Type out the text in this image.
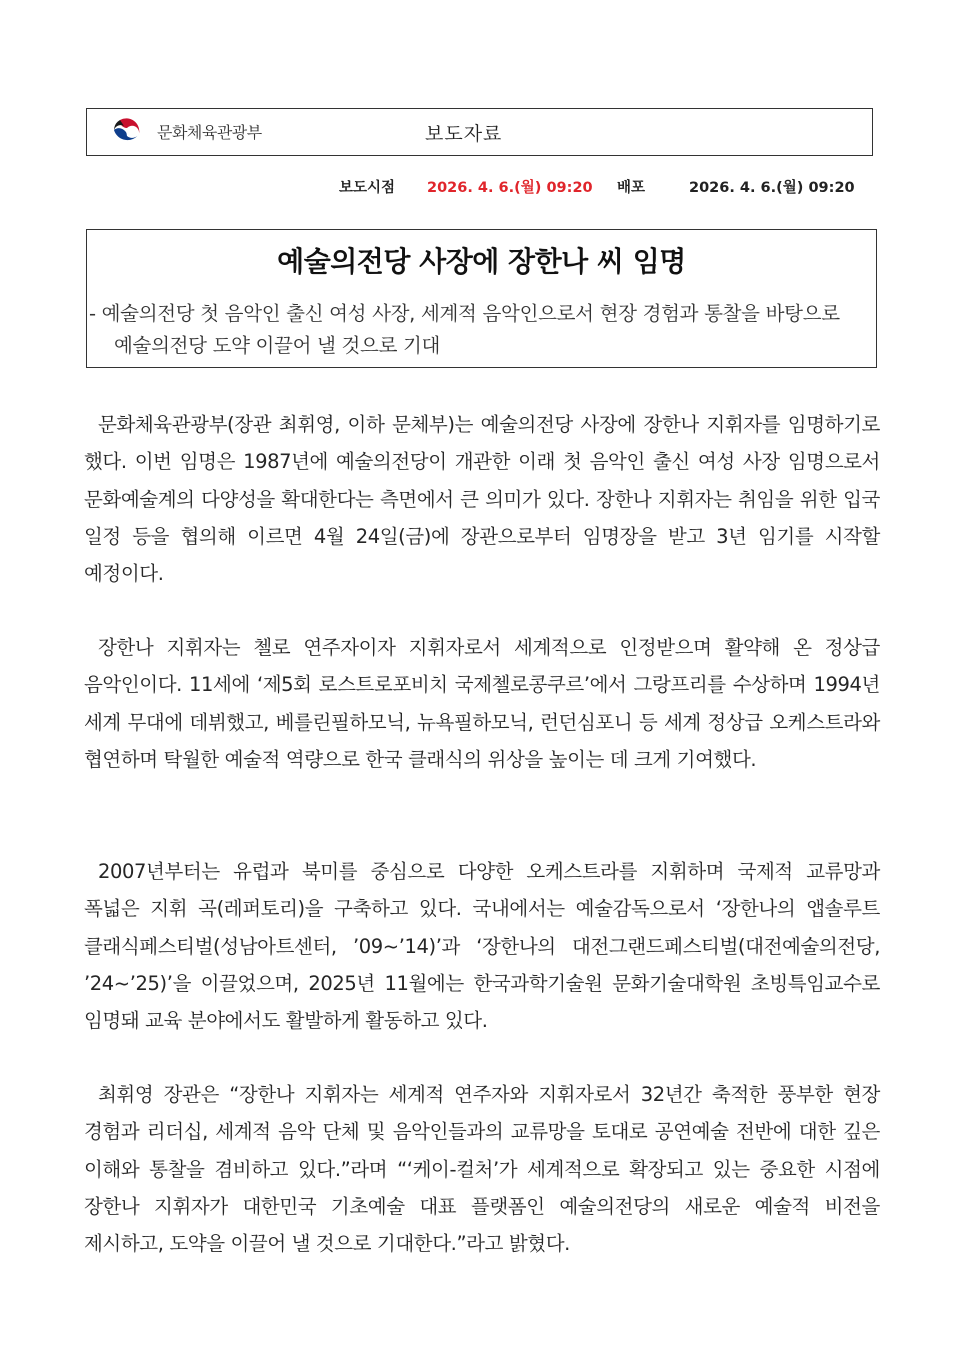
문화체육관광부	보도자료
보도시점 2026. 4. 6.(월) 09:20 배포	2026. 4. 6.(월) 09:20
예술의전당 사장에 장한나 씨 임명
- 예술의전당 첫 음악인 출신 여성 사장, 세계적 음악인으로서 현장 경험과 통찰을 바탕으로
예술의전당 도약 이끌어 낼 것으로 기대
문화체육관광부(장관 최휘영, 이하 문체부)는 예술의전당 사장에 장한나 지휘자를 임명하기로 했다. 이번 임명은 1987년에 예술의전당이 개관한 이래 첫 음악인 출신 여성 사장 임명으로서 문화예술계의 다양성을 확대한다는 측면에서 큰 의미가 있다. 장한나 지휘자는 취임을 위한 입국 일정 등을 협의해 이르면 4월 24일(금)에 장관으로부터 임명장을 받고 3년 임기를 시작할 예정이다.
장한나 지휘자는 첼로 연주자이자 지휘자로서 세계적으로 인정받으며 활약해 온 정상급 음악인이다. 11세에 ‘제5회 로스트로포비치 국제첼로콩쿠르’에서 그랑프리를 수상하며 1994년 세계 무대에 데뷔했고, 베를린필하모닉, 뉴욕필하모닉, 런던심포니 등 세계 정상급 오케스트라와 협연하며 탁월한 예술적 역량으로 한국 클래식의 위상을 높이는 데 크게 기여했다.
2007년부터는 유럽과 북미를 중심으로 다양한 오케스트라를 지휘하며 국제적 교류망과 폭넓은 지휘 곡(레퍼토리)을 구축하고 있다. 국내에서는 예술감독으로서 ‘장한나의 앱솔루트 클래식페스티벌(성남아트센터, ’09~’14)’과 ‘장한나의 대전그랜드페스티벌(대전예술의전당, ’24~’25)’을 이끌었으며, 2025년 11월에는 한국과학기술원 문화기술대학원 초빙특임교수로 임명돼 교육 분야에서도 활발하게 활동하고 있다.
최휘영 장관은 “장한나 지휘자는 세계적 연주자와 지휘자로서 32년간 축적한 풍부한 현장 경험과 리더십, 세계적 음악 단체 및 음악인들과의 교류망을 토대로 공연예술 전반에 대한 깊은 이해와 통찰을 겸비하고 있다.”라며 “‘케이-컬처’가 세계적으로 확장되고 있는 중요한 시점에 장한나 지휘자가 대한민국 기초예술 대표 플랫폼인 예술의전당의 새로운 예술적 비전을 제시하고, 도약을 이끌어 낼 것으로 기대한다.”라고 밝혔다.
